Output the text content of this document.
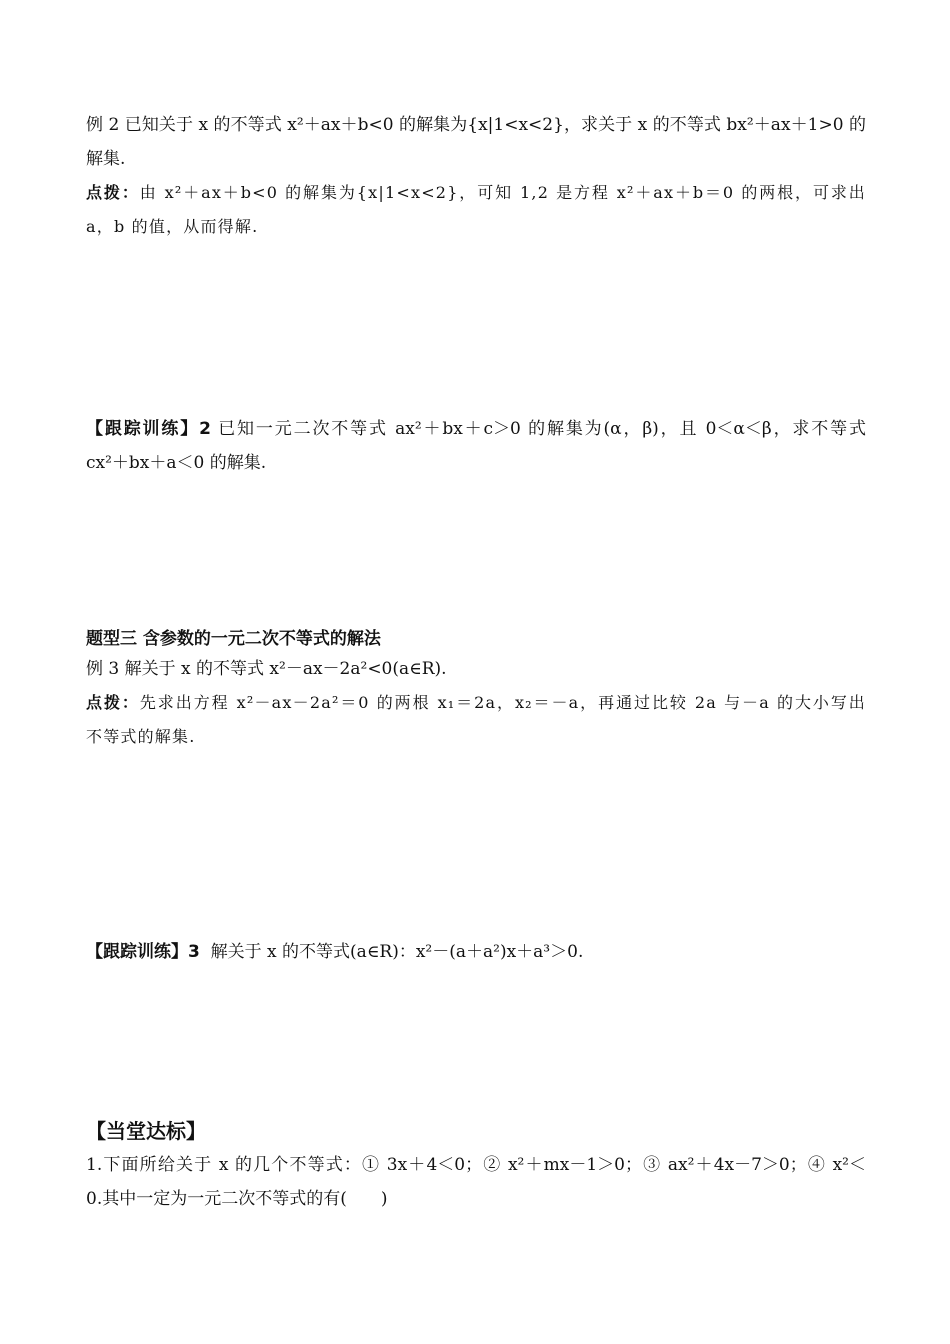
例 2 已知关于 x 的不等式 x²＋ax＋b<0 的解集为{x|1<x<2}，求关于 x 的不等式 bx²＋ax＋1>0 的

解集.

点拨：由 x²＋ax＋b<0 的解集为{x|1<x<2}，可知 1,2 是方程 x²＋ax＋b＝0 的两根，可求出

a，b 的值，从而得解.

【跟踪训练】2 已知一元二次不等式 ax²＋bx＋c＞0 的解集为(α，β)，且 0＜α＜β，求不等式

cx²＋bx＋a＜0 的解集.

题型三 含参数的一元二次不等式的解法

例 3 解关于 x 的不等式 x²－ax－2a²<0(a∈R).

点拨：先求出方程 x²－ax－2a²＝0 的两根 x₁＝2a，x₂＝－a，再通过比较 2a 与－a 的大小写出

不等式的解集.

【跟踪训练】3 解关于 x 的不等式(a∈R)：x²－(a＋a²)x＋a³＞0.

【当堂达标】

1.下面所给关于 x 的几个不等式：① 3x＋4＜0；② x²＋mx－1＞0；③ ax²＋4x－7＞0；④ x²＜

0.其中一定为一元二次不等式的有(　　)
